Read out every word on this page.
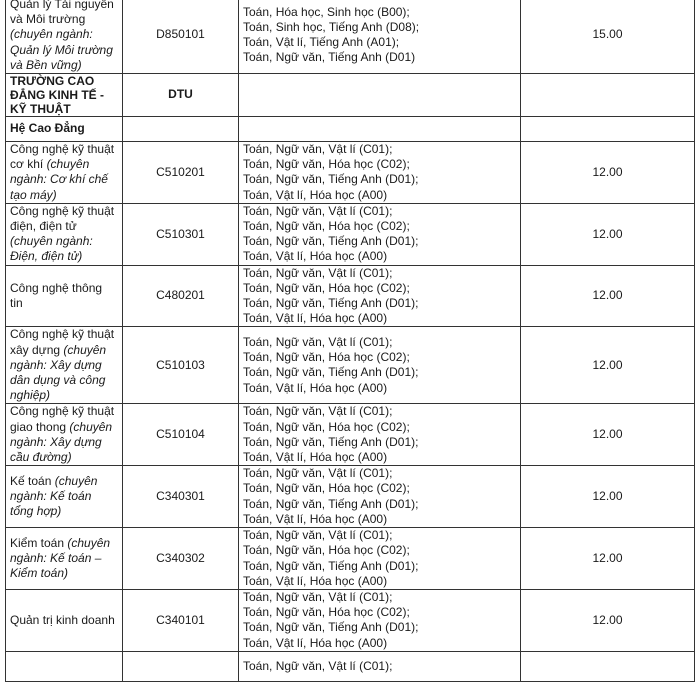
Quản lý Tài nguyên và Môi trường (chuyên ngành: Quản lý Môi trường và Bền vững)	D850101	Toán, Hóa học, Sinh học (B00);
Toán, Sinh học, Tiếng Anh (D08);
Toán, Vật lí, Tiếng Anh (A01);
Toán, Ngữ văn, Tiếng Anh (D01)	15.00
TRƯỜNG CAO ĐẲNG KINH TẾ - KỸ THUẬT	DTU		
Hệ Cao Đẳng			
Công nghệ kỹ thuật cơ khí (chuyên ngành: Cơ khí chế tạo máy)	C510201	Toán, Ngữ văn, Vật lí (C01);
Toán, Ngữ văn, Hóa học (C02);
Toán, Ngữ văn, Tiếng Anh (D01);
Toán, Vật lí, Hóa học (A00)	12.00
Công nghệ kỹ thuật điện, điện tử (chuyên ngành: Điện, điện tử)	C510301	Toán, Ngữ văn, Vật lí (C01);
Toán, Ngữ văn, Hóa học (C02);
Toán, Ngữ văn, Tiếng Anh (D01);
Toán, Vật lí, Hóa học (A00)	12.00
Công nghệ thông tin	C480201	Toán, Ngữ văn, Vật lí (C01);
Toán, Ngữ văn, Hóa học (C02);
Toán, Ngữ văn, Tiếng Anh (D01);
Toán, Vật lí, Hóa học (A00)	12.00
Công nghệ kỹ thuật xây dựng (chuyên ngành: Xây dựng dân dụng và công nghiệp)	C510103	Toán, Ngữ văn, Vật lí (C01);
Toán, Ngữ văn, Hóa học (C02);
Toán, Ngữ văn, Tiếng Anh (D01);
Toán, Vật lí, Hóa học (A00)	12.00
Công nghệ kỹ thuật giao thong (chuyên ngành: Xây dựng cầu đường)	C510104	Toán, Ngữ văn, Vật lí (C01);
Toán, Ngữ văn, Hóa học (C02);
Toán, Ngữ văn, Tiếng Anh (D01);
Toán, Vật lí, Hóa học (A00)	12.00
Kế toán (chuyên ngành: Kế toán tổng hợp)	C340301	Toán, Ngữ văn, Vật lí (C01);
Toán, Ngữ văn, Hóa học (C02);
Toán, Ngữ văn, Tiếng Anh (D01);
Toán, Vật lí, Hóa học (A00)	12.00
Kiểm toán (chuyên ngành: Kế toán – Kiểm toán)	C340302	Toán, Ngữ văn, Vật lí (C01);
Toán, Ngữ văn, Hóa học (C02);
Toán, Ngữ văn, Tiếng Anh (D01);
Toán, Vật lí, Hóa học (A00)	12.00
Quản trị kinh doanh	C340101	Toán, Ngữ văn, Vật lí (C01);
Toán, Ngữ văn, Hóa học (C02);
Toán, Ngữ văn, Tiếng Anh (D01);
Toán, Vật lí, Hóa học (A00)	12.00

		Toán, Ngữ văn, Vật lí (C01);	
